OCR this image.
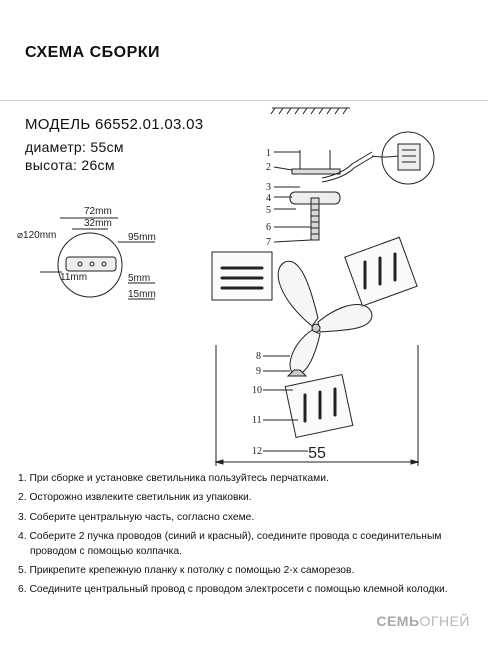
СХЕМА СБОРКИ
МОДЕЛЬ 66552.01.03.03
диаметр: 55см
высота: 26см
⌀120mm
72mm
32mm
95mm
11mm	5mm
15mm
1
2
3
4
5
6
7
8
9
10
11
12	55
1. При сборке и установке светильника пользуйтесь перчатками.
2. Осторожно извлеките светильник из упаковки.
3. Соберите центральную часть, согласно схеме.
4. Соберите 2 пучка проводов (синий и красный), соедините провода с соединительным
проводом с помощью колпачка.
5. Прикрепите крепежную планку к потолку с помощью 2-х саморезов.
6. Соедините центральный провод с проводом электросети с помощью клемной колодки.
СЕМЬОГНЕЙ
